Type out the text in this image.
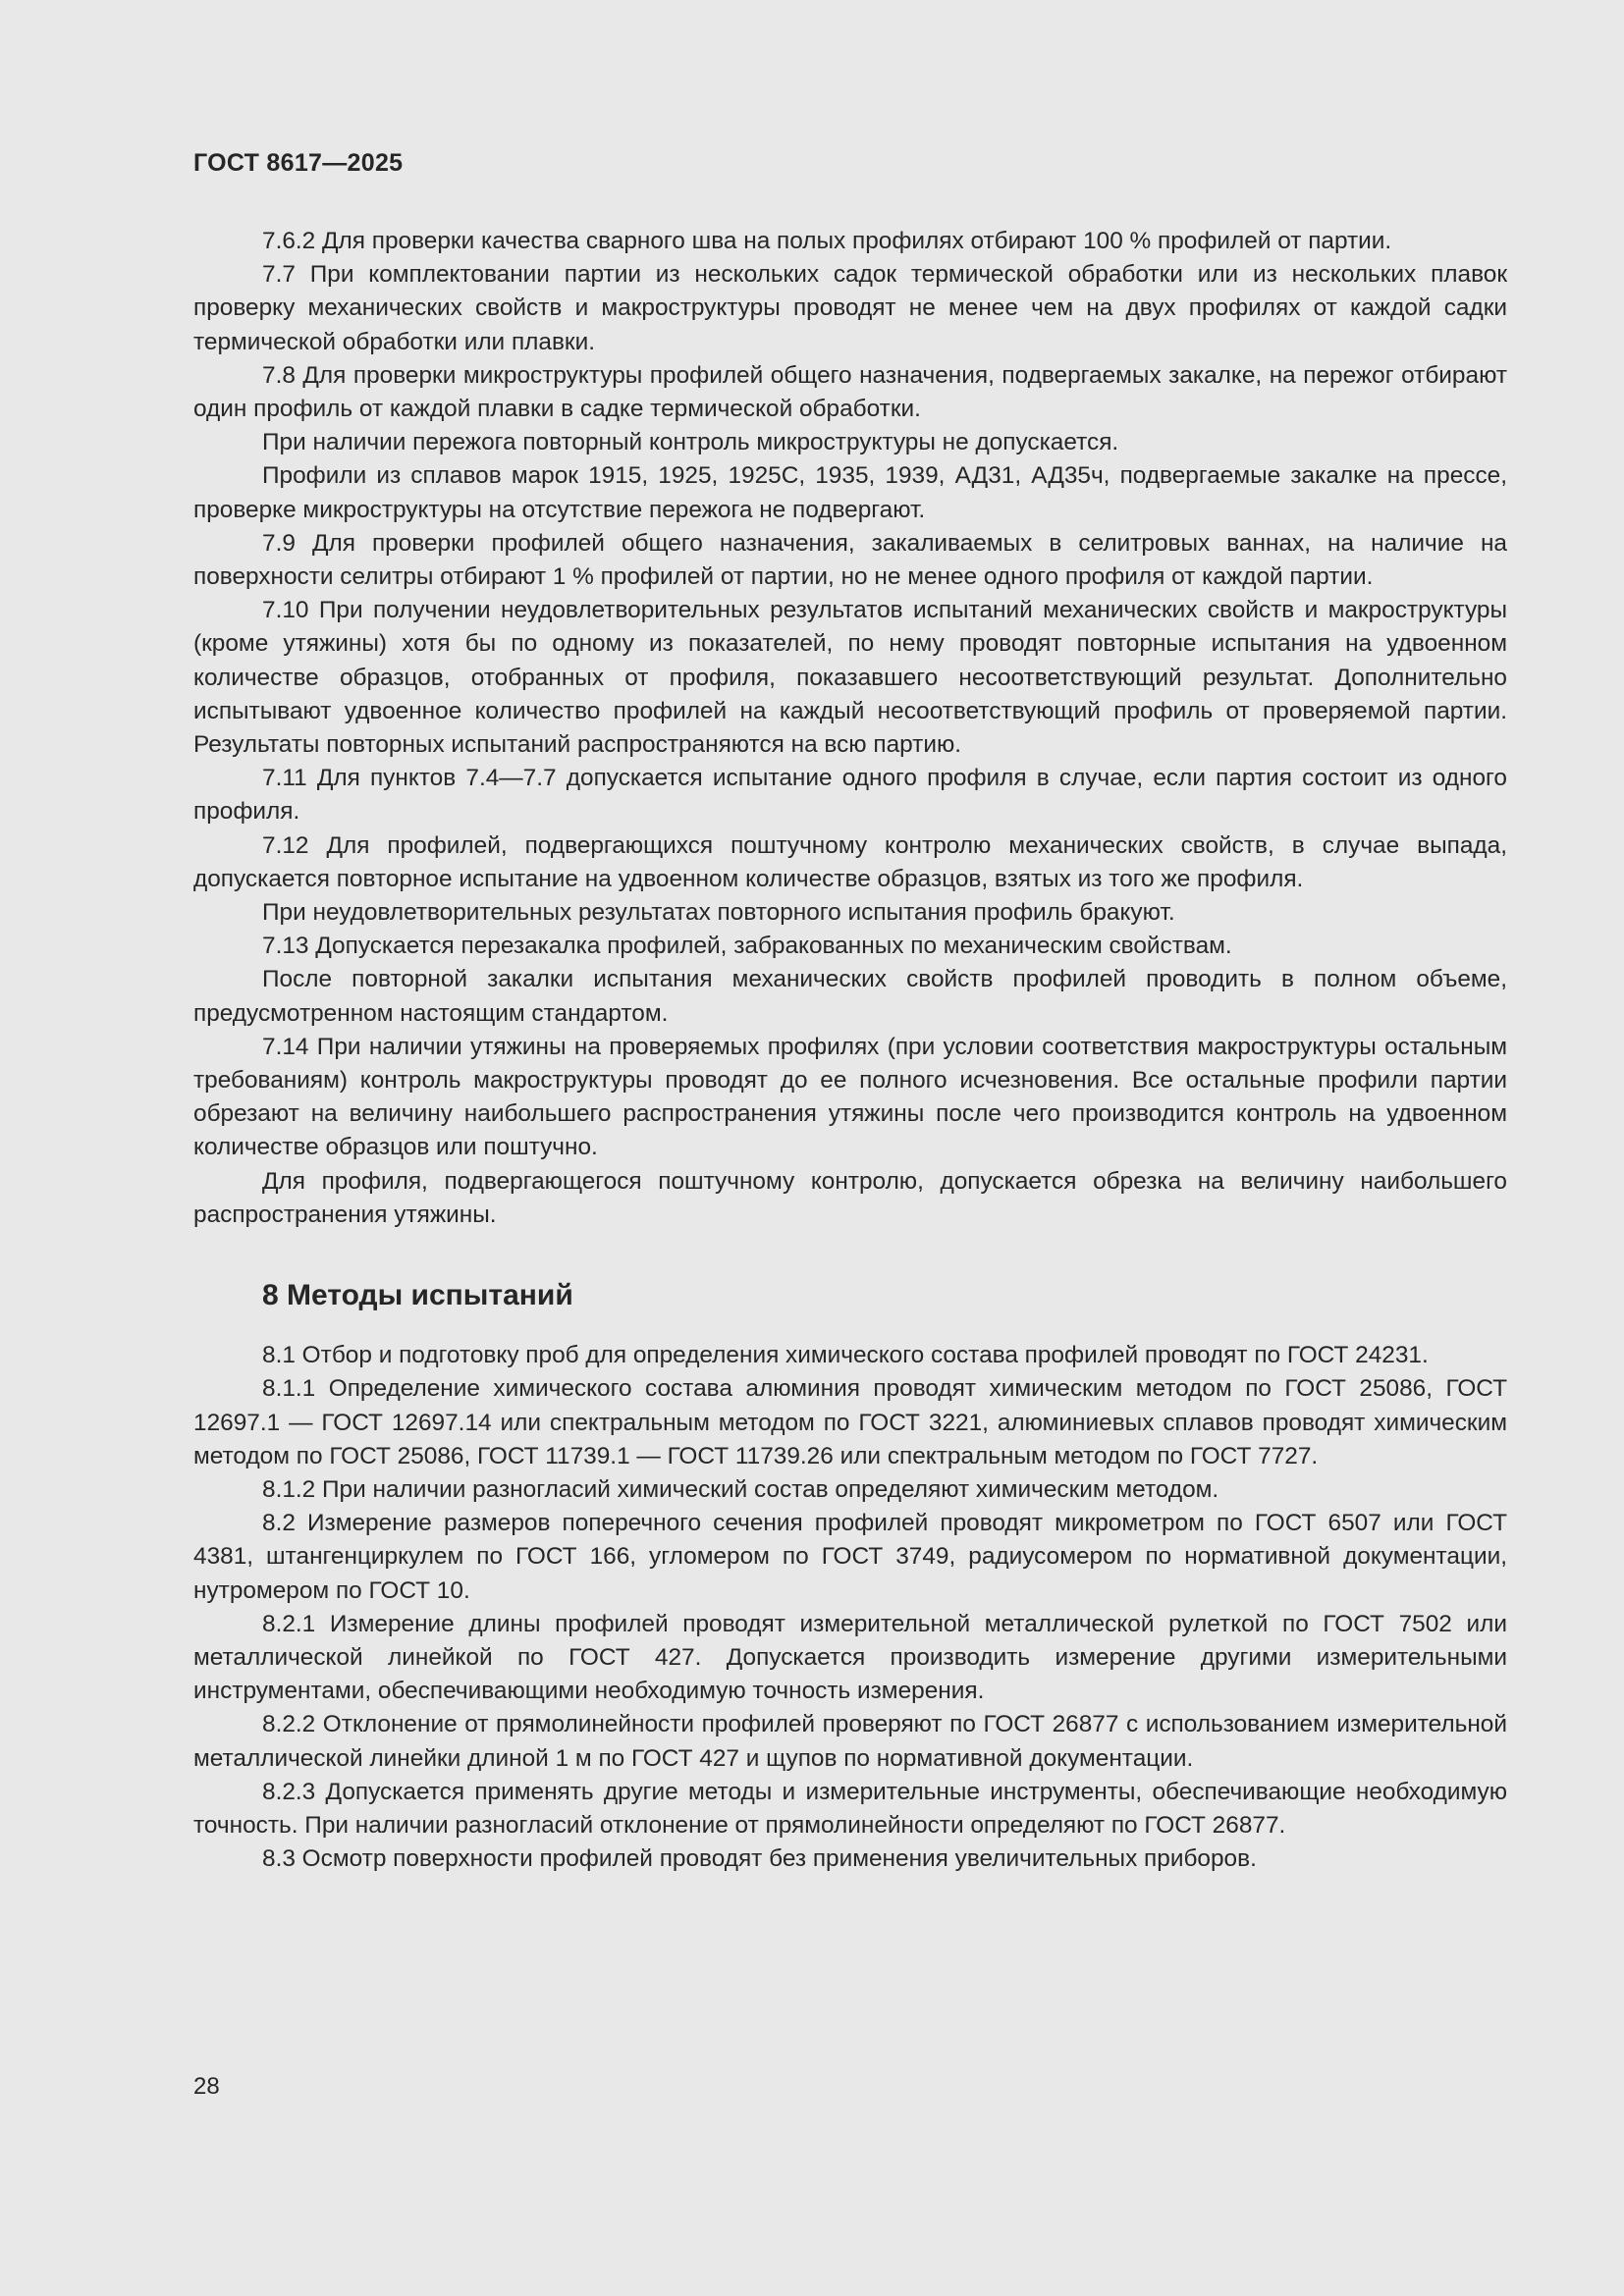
ГОСТ 8617—2025

7.6.2 Для проверки качества сварного шва на полых профилях отбирают 100 % профилей от партии.

7.7 При комплектовании партии из нескольких садок термической обработки или из нескольких плавок проверку механических свойств и макроструктуры проводят не менее чем на двух профилях от каждой садки термической обработки или плавки.

7.8 Для проверки микроструктуры профилей общего назначения, подвергаемых закалке, на пережог отбирают один профиль от каждой плавки в садке термической обработки.

При наличии пережога повторный контроль микроструктуры не допускается.

Профили из сплавов марок 1915, 1925, 1925С, 1935, 1939, АД31, АД35ч, подвергаемые закалке на прессе, проверке микроструктуры на отсутствие пережога не подвергают.

7.9 Для проверки профилей общего назначения, закаливаемых в селитровых ваннах, на наличие на поверхности селитры отбирают 1 % профилей от партии, но не менее одного профиля от каждой партии.

7.10 При получении неудовлетворительных результатов испытаний механических свойств и макроструктуры (кроме утяжины) хотя бы по одному из показателей, по нему проводят повторные испытания на удвоенном количестве образцов, отобранных от профиля, показавшего несоответствующий результат. Дополнительно испытывают удвоенное количество профилей на каждый несоответствующий профиль от проверяемой партии. Результаты повторных испытаний распространяются на всю партию.

7.11 Для пунктов 7.4—7.7 допускается испытание одного профиля в случае, если партия состоит из одного профиля.

7.12 Для профилей, подвергающихся поштучному контролю механических свойств, в случае выпада, допускается повторное испытание на удвоенном количестве образцов, взятых из того же профиля.

При неудовлетворительных результатах повторного испытания профиль бракуют.

7.13 Допускается перезакалка профилей, забракованных по механическим свойствам.

После повторной закалки испытания механических свойств профилей проводить в полном объеме, предусмотренном настоящим стандартом.

7.14 При наличии утяжины на проверяемых профилях (при условии соответствия макроструктуры остальным требованиям) контроль макроструктуры проводят до ее полного исчезновения. Все остальные профили партии обрезают на величину наибольшего распространения утяжины после чего производится контроль на удвоенном количестве образцов или поштучно.

Для профиля, подвергающегося поштучному контролю, допускается обрезка на величину наибольшего распространения утяжины.

8 Методы испытаний

8.1 Отбор и подготовку проб для определения химического состава профилей проводят по ГОСТ 24231.

8.1.1 Определение химического состава алюминия проводят химическим методом по ГОСТ 25086, ГОСТ 12697.1 — ГОСТ 12697.14 или спектральным методом по ГОСТ 3221, алюминиевых сплавов проводят химическим методом по ГОСТ 25086, ГОСТ 11739.1 — ГОСТ 11739.26 или спектральным методом по ГОСТ 7727.

8.1.2 При наличии разногласий химический состав определяют химическим методом.

8.2 Измерение размеров поперечного сечения профилей проводят микрометром по ГОСТ 6507 или ГОСТ 4381, штангенциркулем по ГОСТ 166, угломером по ГОСТ 3749, радиусомером по нормативной документации, нутромером по ГОСТ 10.

8.2.1 Измерение длины профилей проводят измерительной металлической рулеткой по ГОСТ 7502 или металлической линейкой по ГОСТ 427. Допускается производить измерение другими измерительными инструментами, обеспечивающими необходимую точность измерения.

8.2.2 Отклонение от прямолинейности профилей проверяют по ГОСТ 26877 с использованием измерительной металлической линейки длиной 1 м по ГОСТ 427 и щупов по нормативной документации.

8.2.3 Допускается применять другие методы и измерительные инструменты, обеспечивающие необходимую точность. При наличии разногласий отклонение от прямолинейности определяют по ГОСТ 26877.

8.3 Осмотр поверхности профилей проводят без применения увеличительных приборов.

28
